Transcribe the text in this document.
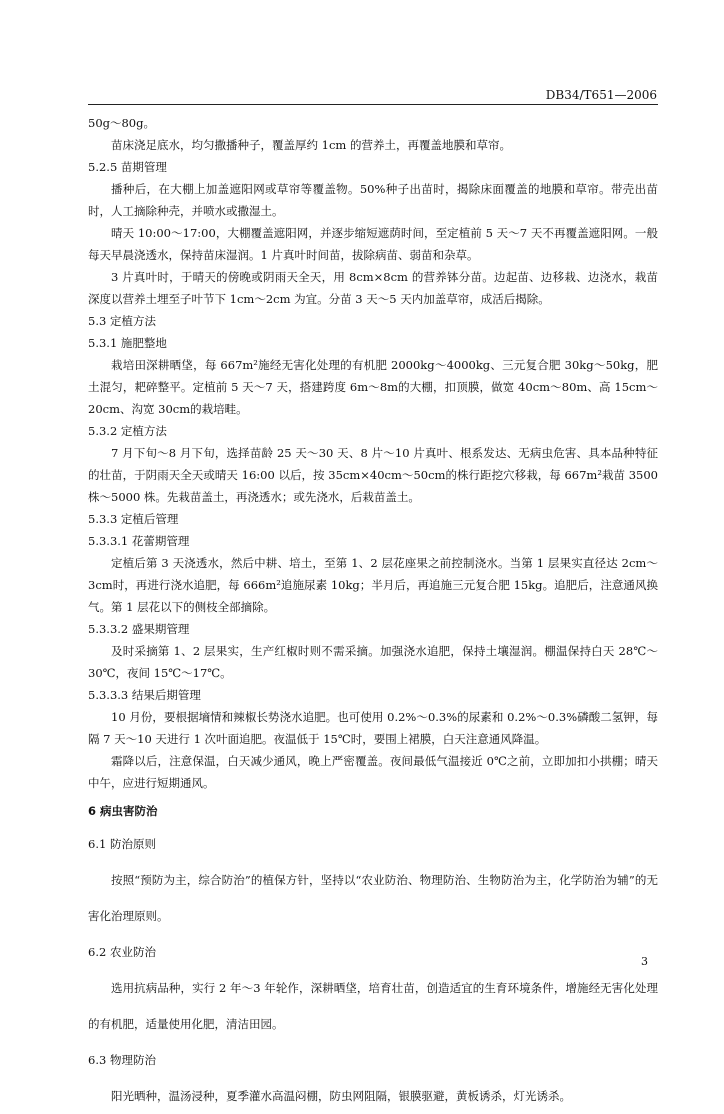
DB34/T651—2006

50g～80g。

苗床浇足底水，均匀撒播种子，覆盖厚约 1cm 的营养土，再覆盖地膜和草帘。

5.2.5 苗期管理

播种后，在大棚上加盖遮阳网或草帘等覆盖物。50%种子出苗时，揭除床面覆盖的地膜和草帘。带壳出苗时，人工摘除种壳，并喷水或撒湿土。

晴天 10:00～17:00，大棚覆盖遮阳网，并逐步缩短遮荫时间，至定植前 5 天～7 天不再覆盖遮阳网。一般每天早晨浇透水，保持苗床湿润。1 片真叶时间苗，拔除病苗、弱苗和杂草。

3 片真叶时，于晴天的傍晚或阴雨天全天，用 8cm×8cm 的营养钵分苗。边起苗、边移栽、边浇水，栽苗深度以营养土埋至子叶节下 1cm～2cm 为宜。分苗 3 天～5 天内加盖草帘，成活后揭除。

5.3 定植方法

5.3.1 施肥整地

栽培田深耕晒垡，每 667m²施经无害化处理的有机肥 2000kg～4000kg、三元复合肥 30kg～50kg，肥土混匀，耙碎整平。定植前 5 天～7 天，搭建跨度 6m～8m的大棚，扣顶膜，做宽 40cm～80m、高 15cm～20cm、沟宽 30cm的栽培畦。

5.3.2 定植方法

7 月下旬～8 月下旬，选择苗龄 25 天～30 天、8 片～10 片真叶、根系发达、无病虫危害、具本品种特征的壮苗，于阴雨天全天或晴天 16:00 以后，按 35cm×40cm～50cm的株行距挖穴移栽，每 667m²栽苗 3500 株～5000 株。先栽苗盖土，再浇透水；或先浇水，后栽苗盖土。

5.3.3 定植后管理

5.3.3.1 花蕾期管理

定植后第 3 天浇透水，然后中耕、培土，至第 1、2 层花座果之前控制浇水。当第 1 层果实直径达 2cm～3cm时，再进行浇水追肥，每 666m²追施尿素 10kg；半月后，再追施三元复合肥 15kg。追肥后，注意通风换气。第 1 层花以下的侧枝全部摘除。

5.3.3.2 盛果期管理

及时采摘第 1、2 层果实，生产红椒时则不需采摘。加强浇水追肥，保持土壤湿润。棚温保持白天 28℃～30℃，夜间 15℃～17℃。

5.3.3.3 结果后期管理

10 月份，要根据墒情和辣椒长势浇水追肥。也可使用 0.2%～0.3%的尿素和 0.2%～0.3%磷酸二氢钾，每隔 7 天～10 天进行 1 次叶面追肥。夜温低于 15℃时，要围上裙膜，白天注意通风降温。

霜降以后，注意保温，白天减少通风，晚上严密覆盖。夜间最低气温接近 0℃之前，立即加扣小拱棚；晴天中午，应进行短期通风。

6 病虫害防治

6.1 防治原则

按照“预防为主，综合防治”的植保方针，坚持以“农业防治、物理防治、生物防治为主，化学防治为辅”的无害化治理原则。

6.2 农业防治

选用抗病品种，实行 2 年～3 年轮作，深耕晒垡，培育壮苗，创造适宜的生育环境条件，增施经无害化处理的有机肥，适量使用化肥，清洁田园。

6.3 物理防治

阳光晒种，温汤浸种，夏季灌水高温闷棚，防虫网阻隔，银膜驱避，黄板诱杀，灯光诱杀。

3
